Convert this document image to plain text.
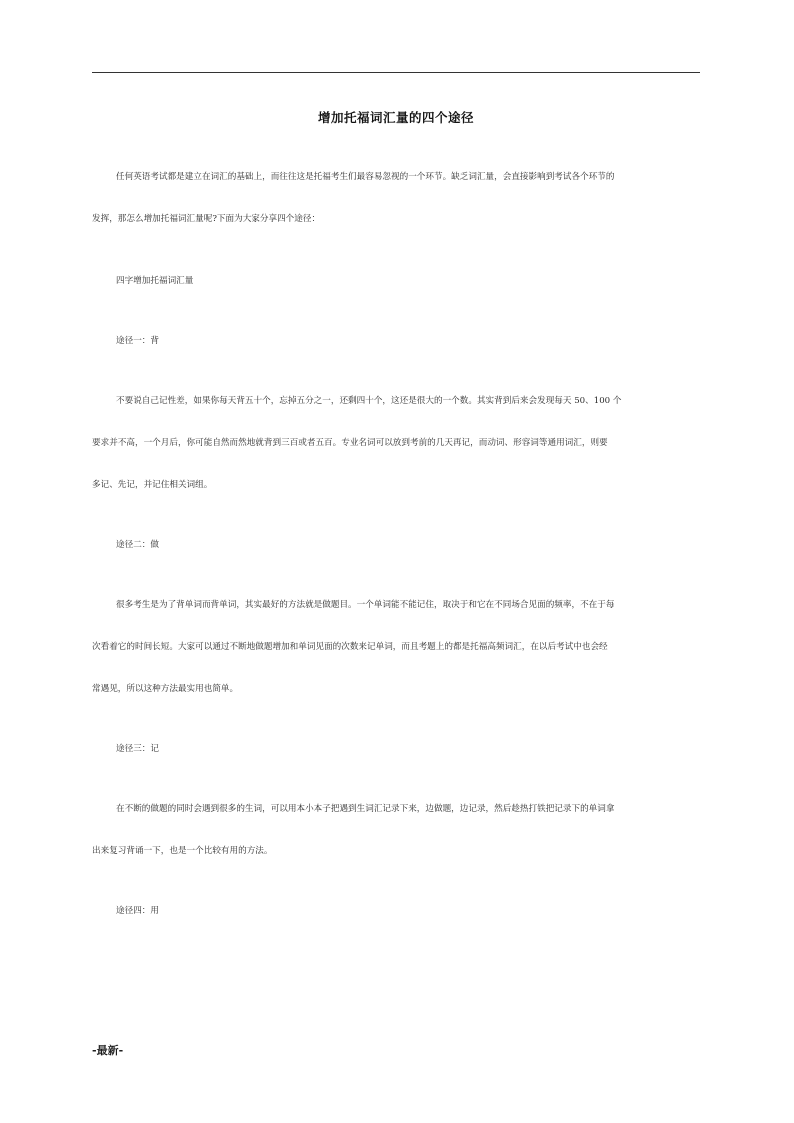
增加托福词汇量的四个途径

任何英语考试都是建立在词汇的基础上，而往往这是托福考生们最容易忽视的一个环节。缺乏词汇量，会直接影响到考试各个环节的

发挥，那怎么增加托福词汇量呢?下面为大家分享四个途径：

四字增加托福词汇量

途径一：背

不要说自己记性差，如果你每天背五十个，忘掉五分之一，还剩四十个，这还是很大的一个数。其实背到后来会发现每天 50、100 个

要求并不高，一个月后，你可能自然而然地就背到三百或者五百。专业名词可以放到考前的几天再记，而动词、形容词等通用词汇，则要

多记、先记，并记住相关词组。

途径二：做

很多考生是为了背单词而背单词，其实最好的方法就是做题目。一个单词能不能记住，取决于和它在不同场合见面的频率，不在于每

次看着它的时间长短。大家可以通过不断地做题增加和单词见面的次数来记单词，而且考题上的都是托福高频词汇，在以后考试中也会经

常遇见，所以这种方法最实用也简单。

途径三：记

在不断的做题的同时会遇到很多的生词，可以用本小本子把遇到生词汇记录下来，边做题，边记录，然后趁热打铁把记录下的单词拿

出来复习背诵一下，也是一个比较有用的方法。

途径四：用

-最新-
